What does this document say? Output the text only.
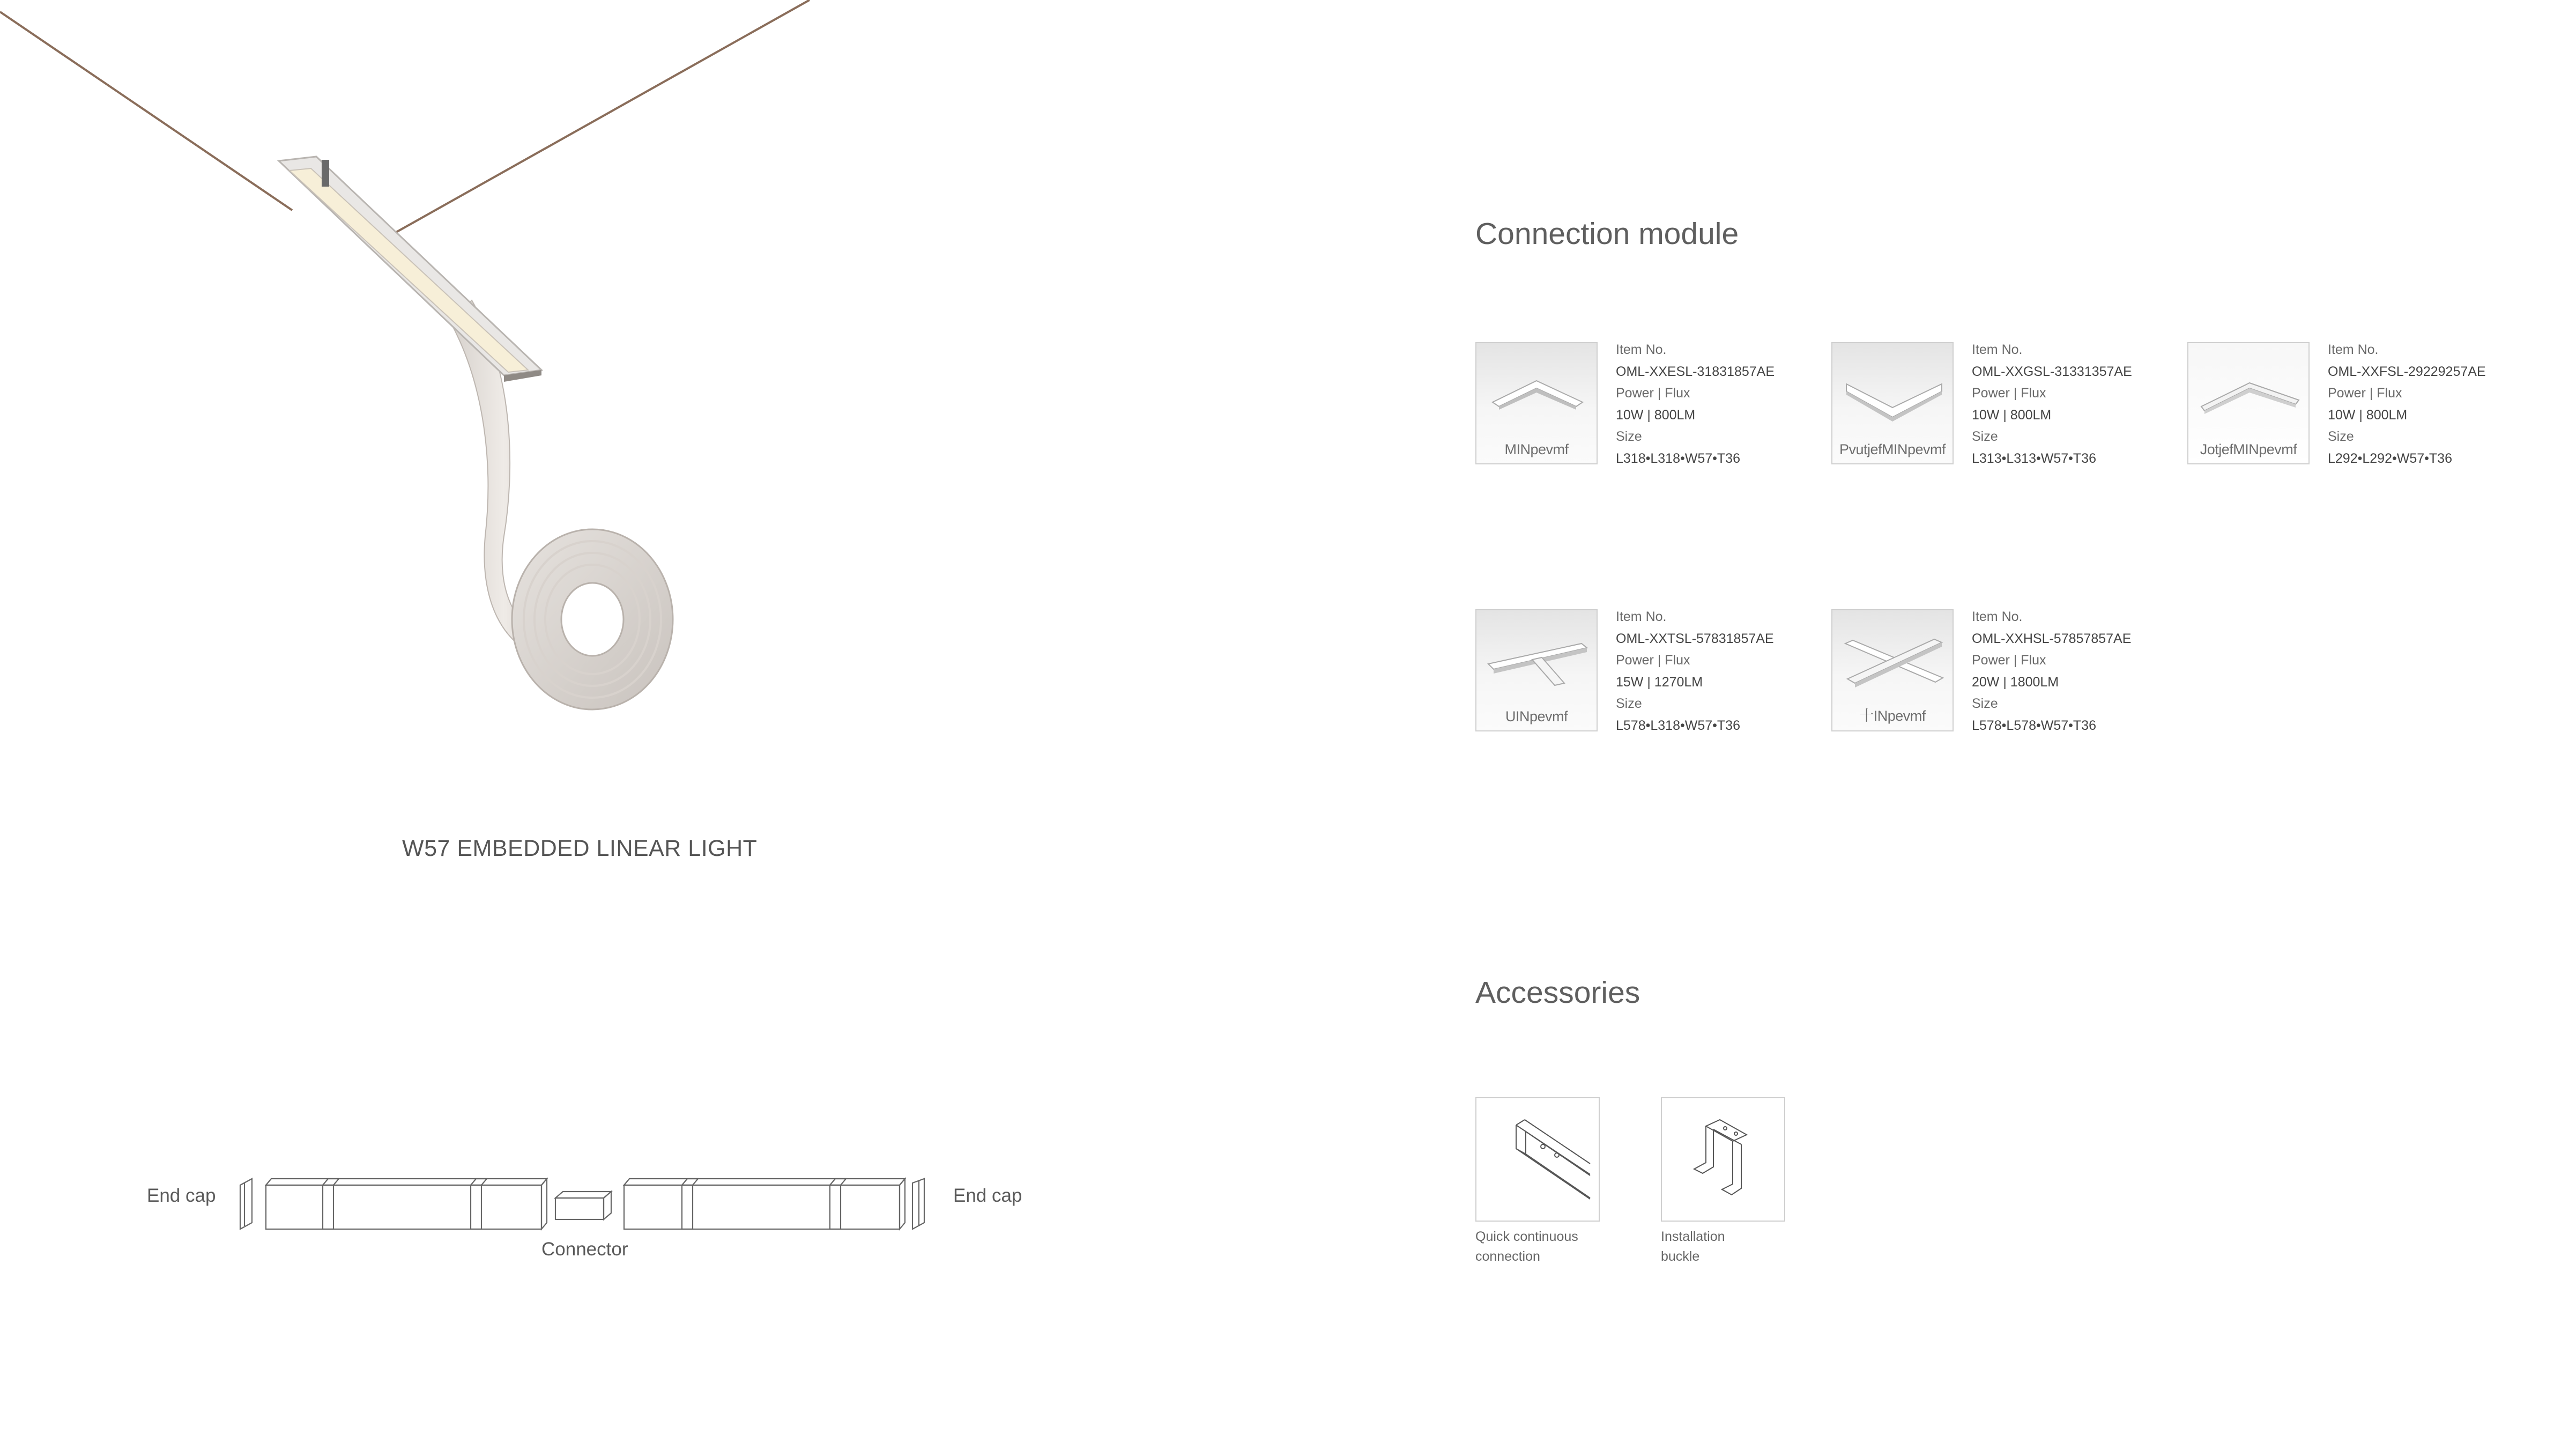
W57 EMBEDDED LINEAR LIGHT
End cap	End cap
Connector
Connection module
MINpevmf
Item No.
OML-XXESL-31831857AE
Power | Flux
10W | 800LM
Size
L318•L318•W57•T36
PvutjefMINpevmf
Item No.
OML-XXGSL-31331357AE
Power | Flux
10W | 800LM
Size
L313•L313•W57•T36
JotjefMINpevmf
Item No.
OML-XXFSL-29229257AE
Power | Flux
10W | 800LM
Size
L292•L292•W57•T36
UINpevmf
Item No.
OML-XXTSL-57831857AE
Power | Flux
15W | 1270LM
Size
L578•L318•W57•T36
十INpevmf
Item No.
OML-XXHSL-57857857AE
Power | Flux
20W | 1800LM
Size
L578•L578•W57•T36
Accessories
Quick continuous
connection
Installation
buckle
